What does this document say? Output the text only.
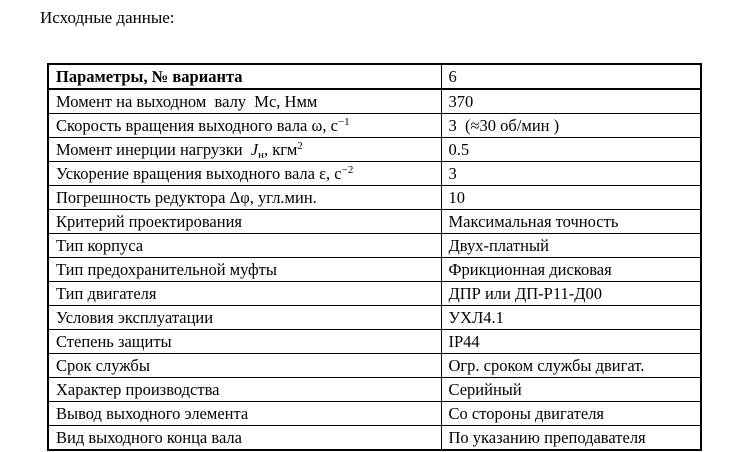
Исходные данные:
Параметры, № варианта	6
Момент на выходном  валу  Мс, Нмм	370
Скорость вращения выходного вала ω, $с^{-1}$	3  (≈30 об/мин )
Момент инерции нагрузки  $J_н$, кгм$^2$	0.5
Ускорение вращения выходного вала ε, $с^{-2}$	3
Погрешность редуктора Δφ, угл.мин.	10
Критерий проектирования	Максимальная точность
Тип корпуса	Двух-платный
Тип предохранительной муфты	Фрикционная дисковая
Тип двигателя	ДПР или ДП-Р11-Д00
Условия эксплуатации	УХЛ4.1
Степень защиты	IP44
Срок службы	Огр. сроком службы двигат.
Характер производства	Серийный
Вывод выходного элемента	Со стороны двигателя
Вид выходного конца вала	По указанию преподавателя
